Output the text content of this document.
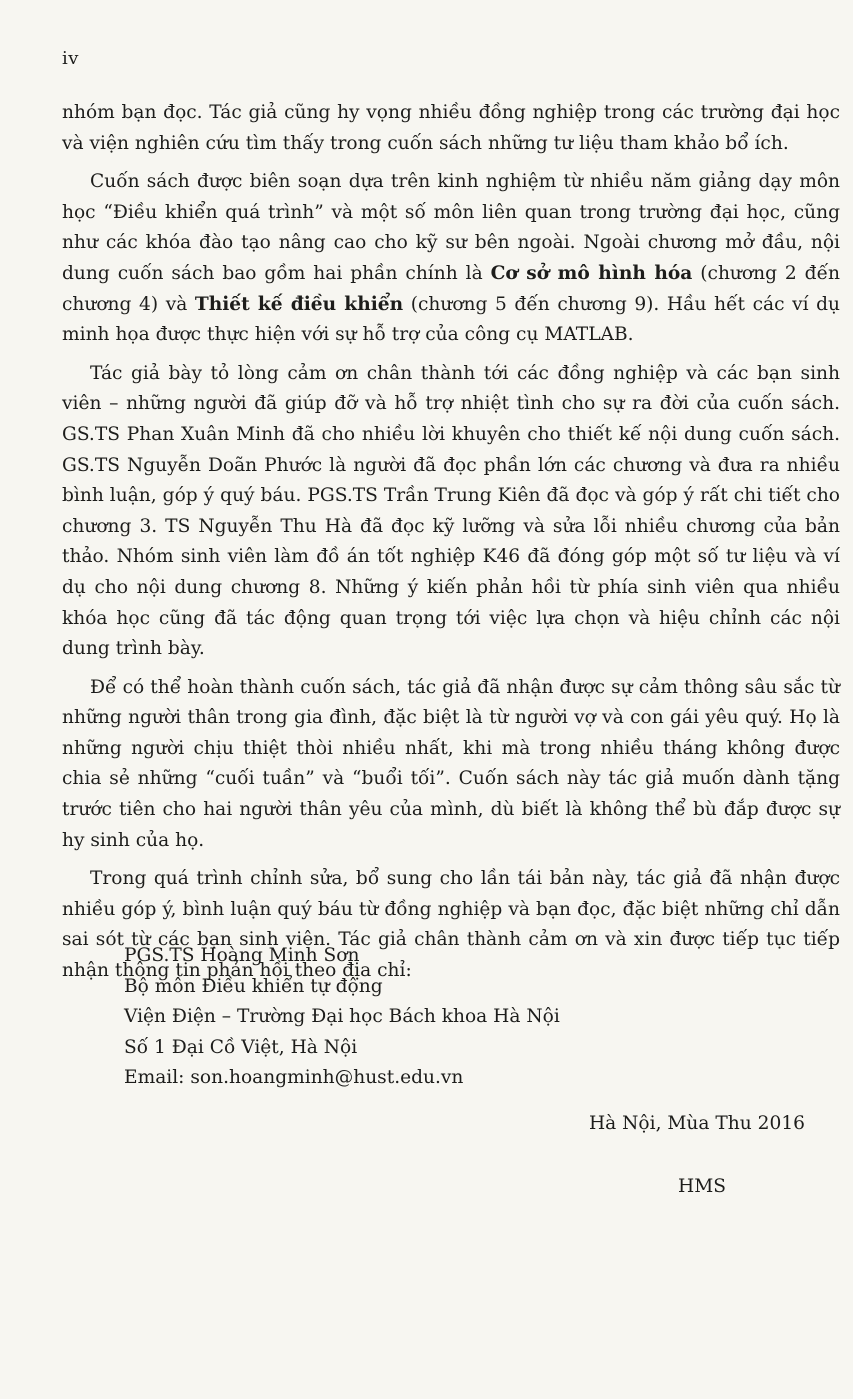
iv

nhóm bạn đọc. Tác giả cũng hy vọng nhiều đồng nghiệp trong các trường đại học và viện nghiên cứu tìm thấy trong cuốn sách những tư liệu tham khảo bổ ích.

Cuốn sách được biên soạn dựa trên kinh nghiệm từ nhiều năm giảng dạy môn học “Điều khiển quá trình” và một số môn liên quan trong trường đại học, cũng như các khóa đào tạo nâng cao cho kỹ sư bên ngoài. Ngoài chương mở đầu, nội dung cuốn sách bao gồm hai phần chính là Cơ sở mô hình hóa (chương 2 đến chương 4) và Thiết kế điều khiển (chương 5 đến chương 9). Hầu hết các ví dụ minh họa được thực hiện với sự hỗ trợ của công cụ MATLAB.

Tác giả bày tỏ lòng cảm ơn chân thành tới các đồng nghiệp và các bạn sinh viên – những người đã giúp đỡ và hỗ trợ nhiệt tình cho sự ra đời của cuốn sách. GS.TS Phan Xuân Minh đã cho nhiều lời khuyên cho thiết kế nội dung cuốn sách. GS.TS Nguyễn Doãn Phước là người đã đọc phần lớn các chương và đưa ra nhiều bình luận, góp ý quý báu. PGS.TS Trần Trung Kiên đã đọc và góp ý rất chi tiết cho chương 3. TS Nguyễn Thu Hà đã đọc kỹ lưỡng và sửa lỗi nhiều chương của bản thảo. Nhóm sinh viên làm đồ án tốt nghiệp K46 đã đóng góp một số tư liệu và ví dụ cho nội dung chương 8. Những ý kiến phản hồi từ phía sinh viên qua nhiều khóa học cũng đã tác động quan trọng tới việc lựa chọn và hiệu chỉnh các nội dung trình bày.

Để có thể hoàn thành cuốn sách, tác giả đã nhận được sự cảm thông sâu sắc từ những người thân trong gia đình, đặc biệt là từ người vợ và con gái yêu quý. Họ là những người chịu thiệt thòi nhiều nhất, khi mà trong nhiều tháng không được chia sẻ những “cuối tuần” và “buổi tối”. Cuốn sách này tác giả muốn dành tặng trước tiên cho hai người thân yêu của mình, dù biết là không thể bù đắp được sự hy sinh của họ.

Trong quá trình chỉnh sửa, bổ sung cho lần tái bản này, tác giả đã nhận được nhiều góp ý, bình luận quý báu từ đồng nghiệp và bạn đọc, đặc biệt những chỉ dẫn sai sót từ các bạn sinh viên. Tác giả chân thành cảm ơn và xin được tiếp tục tiếp nhận thông tin phản hồi theo địa chỉ:

PGS.TS Hoàng Minh Sơn
Bộ môn Điều khiển tự động
Viện Điện – Trường Đại học Bách khoa Hà Nội
Số 1 Đại Cồ Việt, Hà Nội
Email: son.hoangminh@hust.edu.vn
Hà Nội, Mùa Thu 2016
HMS
